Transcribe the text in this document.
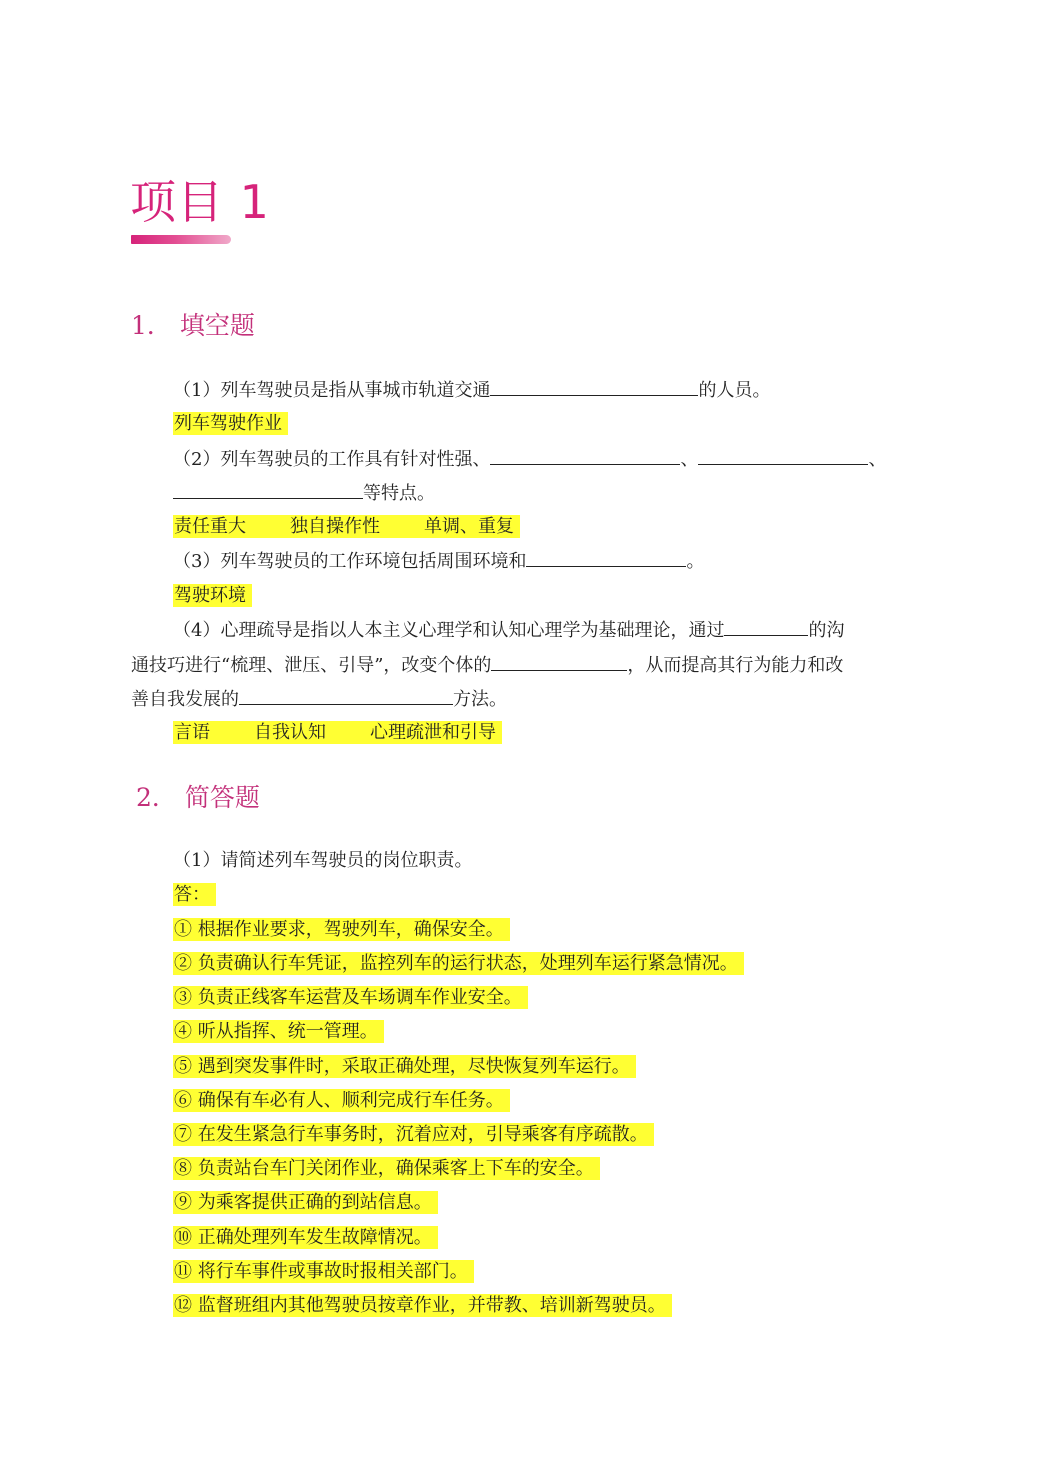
项目 1
1． 填空题
（1）列车驾驶员是指从事城市轨道交通	的人员。
列车驾驶作业
（2）列车驾驶员的工作具有针对性强、	、	、
等特点。
责任重大 独自操作性 单调、重复
（3）列车驾驶员的工作环境包括周围环境和	。
驾驶环境
（4）心理疏导是指以人本主义心理学和认知心理学为基础理论，通过	的沟
通技巧进行“梳理、泄压、引导”，改变个体的	，从而提高其行为能力和改
善自我发展的	方法。
言语 自我认知 心理疏泄和引导
2． 简答题
（1）请简述列车驾驶员的岗位职责。
答：
① 根据作业要求，驾驶列车，确保安全。
② 负责确认行车凭证，监控列车的运行状态，处理列车运行紧急情况。
③ 负责正线客车运营及车场调车作业安全。
④ 听从指挥、统一管理。
⑤ 遇到突发事件时，采取正确处理，尽快恢复列车运行。
⑥ 确保有车必有人、顺利完成行车任务。
⑦ 在发生紧急行车事务时，沉着应对，引导乘客有序疏散。
⑧ 负责站台车门关闭作业，确保乘客上下车的安全。
⑨ 为乘客提供正确的到站信息。
⑩ 正确处理列车发生故障情况。
⑪ 将行车事件或事故时报相关部门。
⑫ 监督班组内其他驾驶员按章作业，并带教、培训新驾驶员。
